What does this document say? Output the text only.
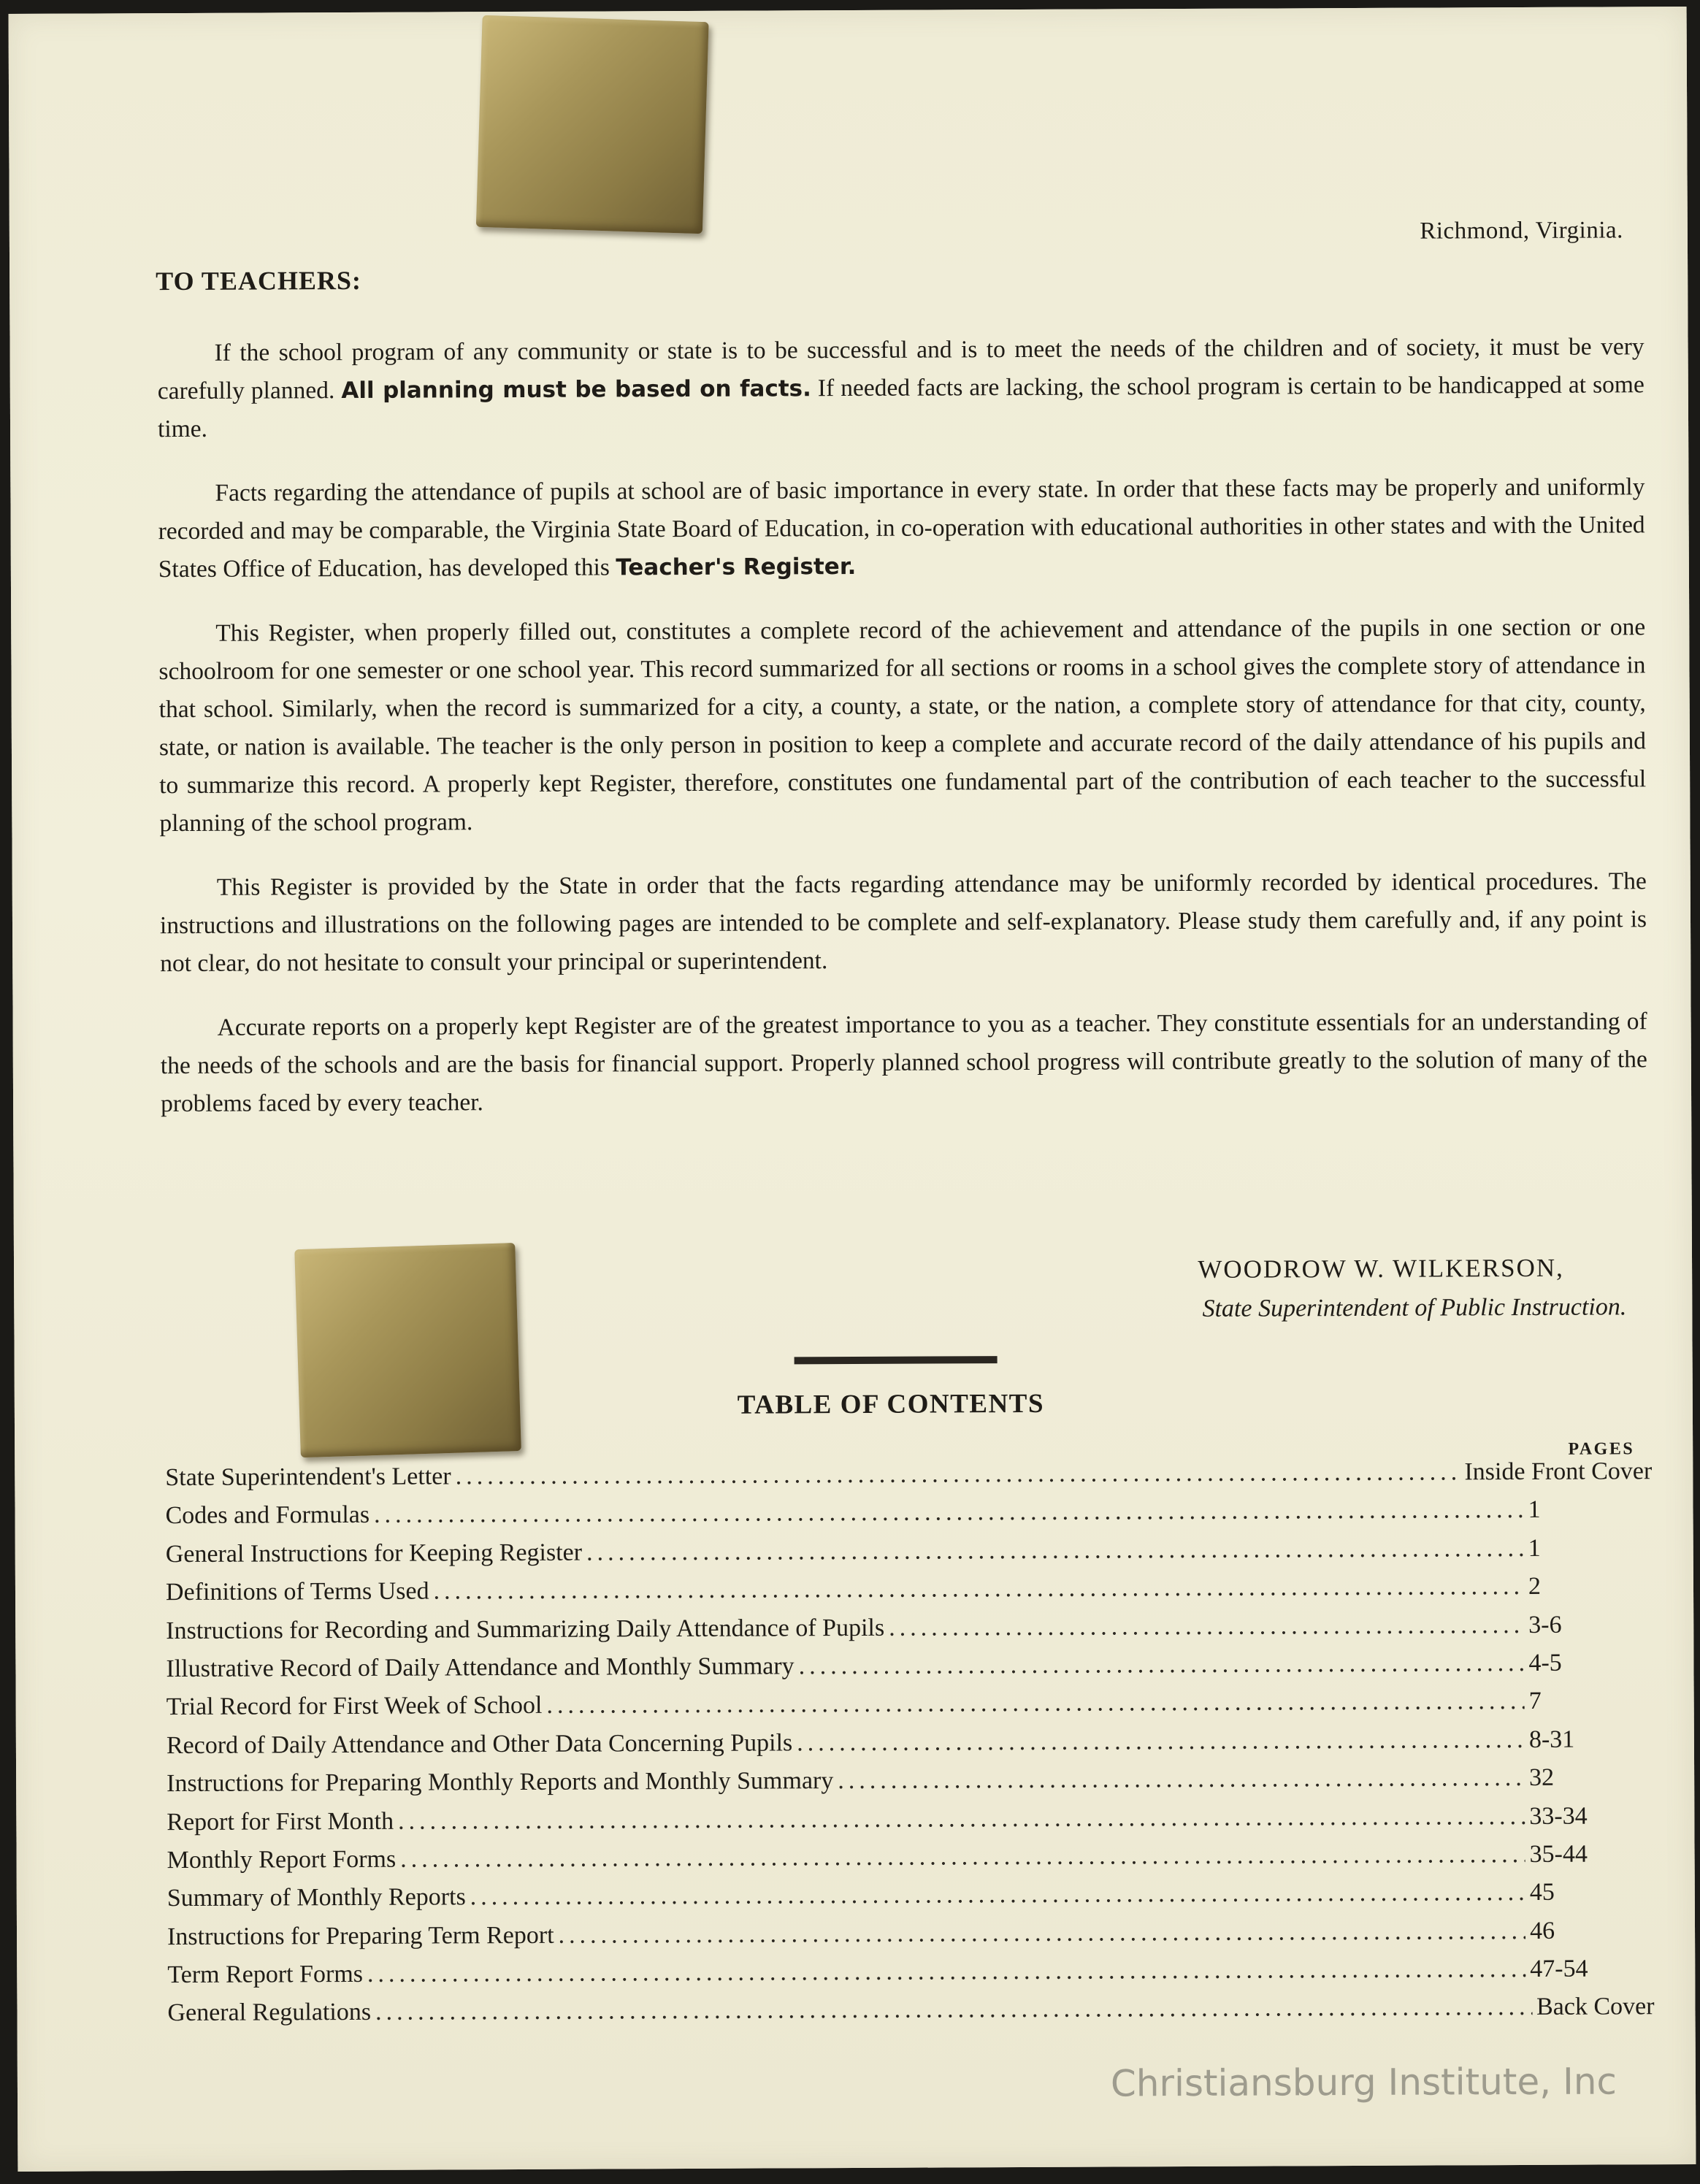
Richmond, Virginia.
TO TEACHERS:

If the school program of any community or state is to be successful and is to meet the needs of the children and of society, it must be very carefully planned. All planning must be based on facts. If needed facts are lacking, the school program is certain to be handicapped at some time.

Facts regarding the attendance of pupils at school are of basic importance in every state. In order that these facts may be properly and uniformly recorded and may be comparable, the Virginia State Board of Education, in co-operation with educational authorities in other states and with the United States Office of Education, has developed this Teacher's Register.

This Register, when properly filled out, constitutes a complete record of the achievement and attendance of the pupils in one section or one schoolroom for one semester or one school year. This record summarized for all sections or rooms in a school gives the complete story of attendance in that school. Similarly, when the record is summarized for a city, a county, a state, or the nation, a complete story of attendance for that city, county, state, or nation is available. The teacher is the only person in position to keep a complete and accurate record of the daily attendance of his pupils and to summarize this record. A properly kept Register, therefore, constitutes one fundamental part of the contribution of each teacher to the successful planning of the school program.

This Register is provided by the State in order that the facts regarding attendance may be uniformly recorded by identical procedures. The instructions and illustrations on the following pages are intended to be complete and self-explanatory. Please study them carefully and, if any point is not clear, do not hesitate to consult your principal or superintendent.

Accurate reports on a properly kept Register are of the greatest importance to you as a teacher. They constitute essentials for an understanding of the needs of the schools and are the basis for financial support. Properly planned school progress will contribute greatly to the solution of many of the problems faced by every teacher.

WOODROW W. WILKERSON,
State Superintendent of Public Instruction.
TABLE OF CONTENTS
PAGES
State Superintendent's Letter .....	Inside Front Cover
Codes and Formulas .....	1
General Instructions for Keeping Register .....	1
Definitions of Terms Used .....	2
Instructions for Recording and Summarizing Daily Attendance of Pupils .....	3-6
Illustrative Record of Daily Attendance and Monthly Summary .....	4-5
Trial Record for First Week of School .....	7
Record of Daily Attendance and Other Data Concerning Pupils .....	8-31
Instructions for Preparing Monthly Reports and Monthly Summary .....	32
Report for First Month .....	33-34
Monthly Report Forms .....	35-44
Summary of Monthly Reports .....	45
Instructions for Preparing Term Report .....	46
Term Report Forms .....	47-54
General Regulations .....	Back Cover
Christiansburg Institute, Inc
